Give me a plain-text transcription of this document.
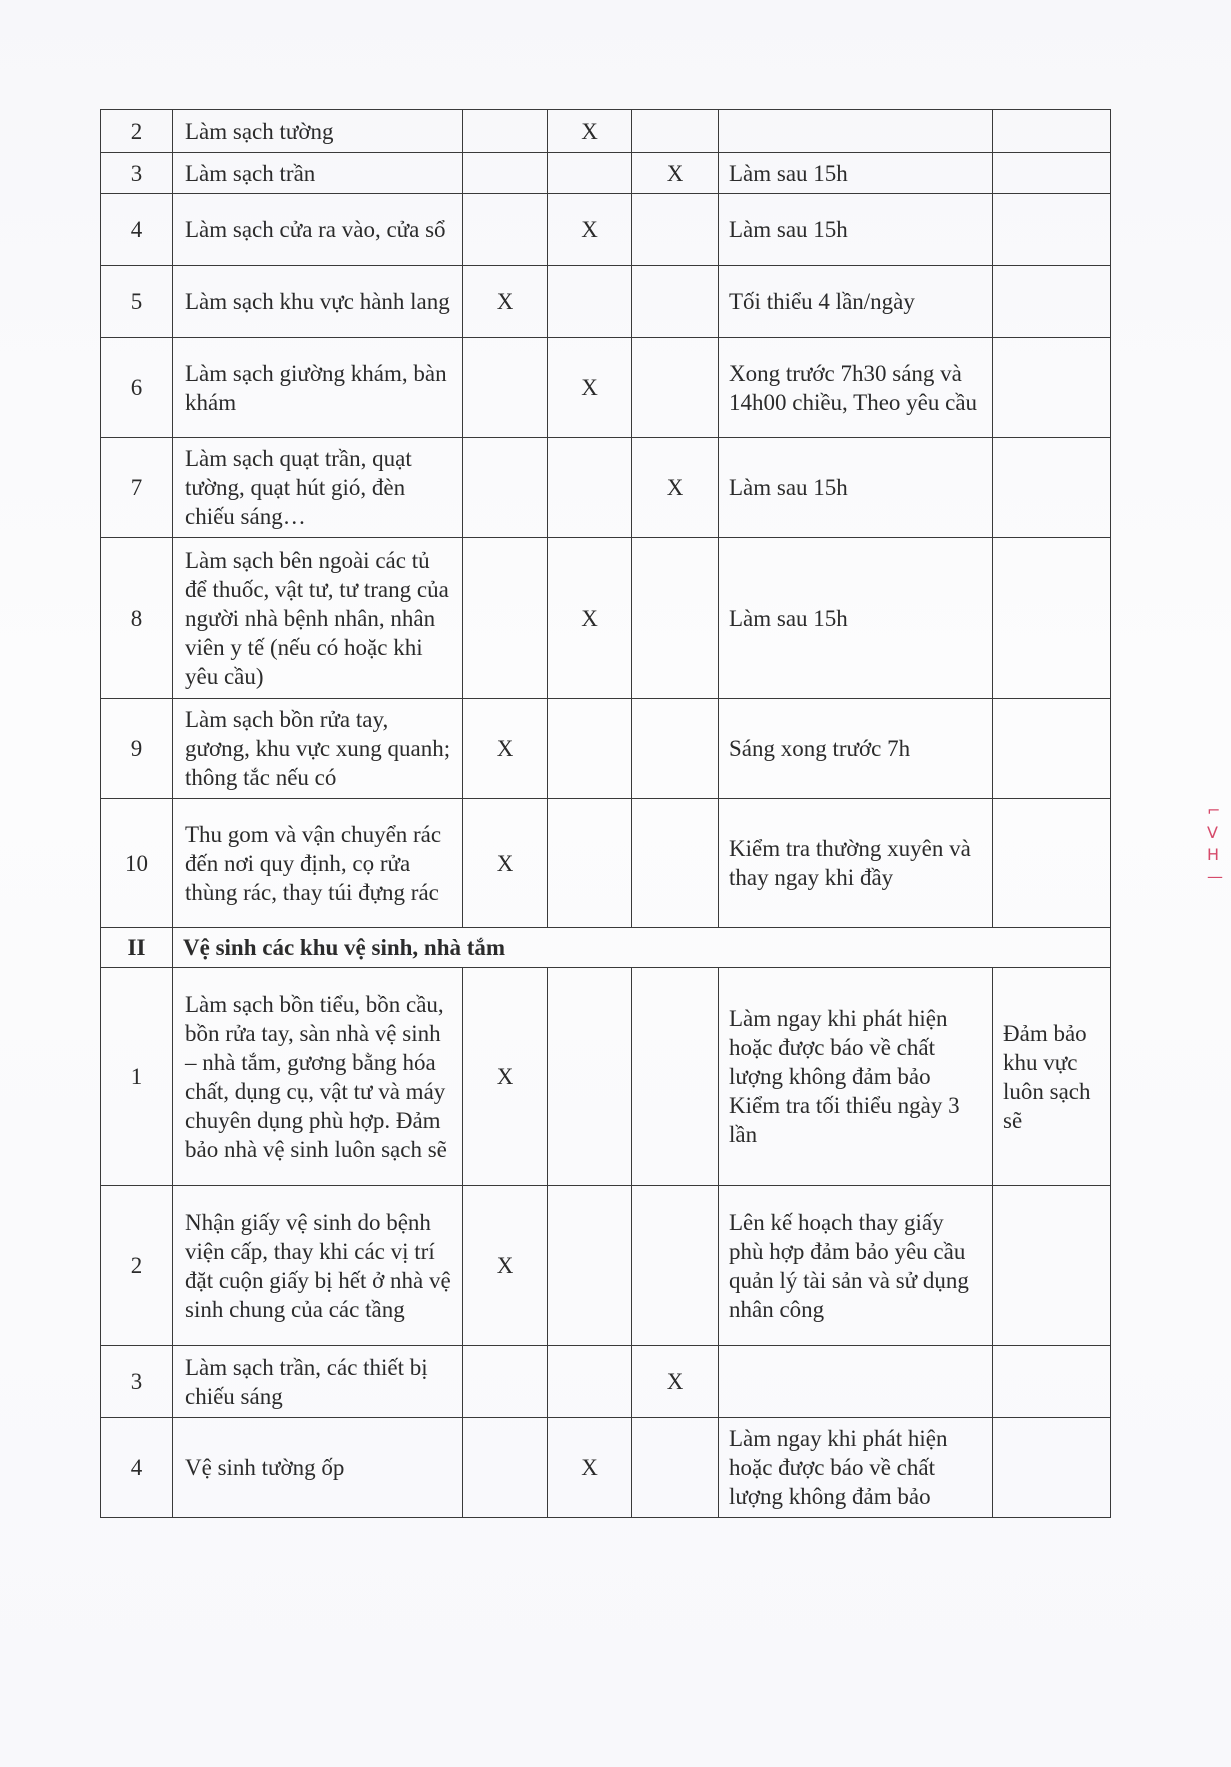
2	Làm sạch tường		X			
3	Làm sạch trần			X	Làm sau 15h	
4	Làm sạch cửa ra vào, cửa sổ		X		Làm sau 15h	
5	Làm sạch khu vực hành lang	X			Tối thiểu 4 lần/ngày	
6	Làm sạch giường khám, bàn khám		X		Xong trước 7h30 sáng và 14h00 chiều, Theo yêu cầu	
7	Làm sạch quạt trần, quạt tường, quạt hút gió, đèn chiếu sáng…			X	Làm sau 15h	
8	Làm sạch bên ngoài các tủ để thuốc, vật tư, tư trang của người nhà bệnh nhân, nhân viên y tế (nếu có hoặc khi yêu cầu)		X		Làm sau 15h	
9	Làm sạch bồn rửa tay, gương, khu vực xung quanh; thông tắc nếu có	X			Sáng xong trước 7h	
10	Thu gom và vận chuyển rác đến nơi quy định, cọ rửa thùng rác, thay túi đựng rác	X			Kiểm tra thường xuyên và thay ngay khi đầy	
II	Vệ sinh các khu vệ sinh, nhà tắm					
1	Làm sạch bồn tiểu, bồn cầu, bồn rửa tay, sàn nhà vệ sinh – nhà tắm, gương bằng hóa chất, dụng cụ, vật tư và máy chuyên dụng phù hợp. Đảm bảo nhà vệ sinh luôn sạch sẽ	X			Làm ngay khi phát hiện hoặc được báo về chất lượng không đảm bảo Kiểm tra tối thiểu ngày 3 lần	Đảm bảo khu vực luôn sạch sẽ
2	Nhận giấy vệ sinh do bệnh viện cấp, thay khi các vị trí đặt cuộn giấy bị hết ở nhà vệ sinh chung của các tầng	X			Lên kế hoạch thay giấy phù hợp đảm bảo yêu cầu quản lý tài sản và sử dụng nhân công	
3	Làm sạch trần, các thiết bị chiếu sáng			X		
4	Vệ sinh tường ốp		X		Làm ngay khi phát hiện hoặc được báo về chất lượng không đảm bảo	
⌐
V
H
—
